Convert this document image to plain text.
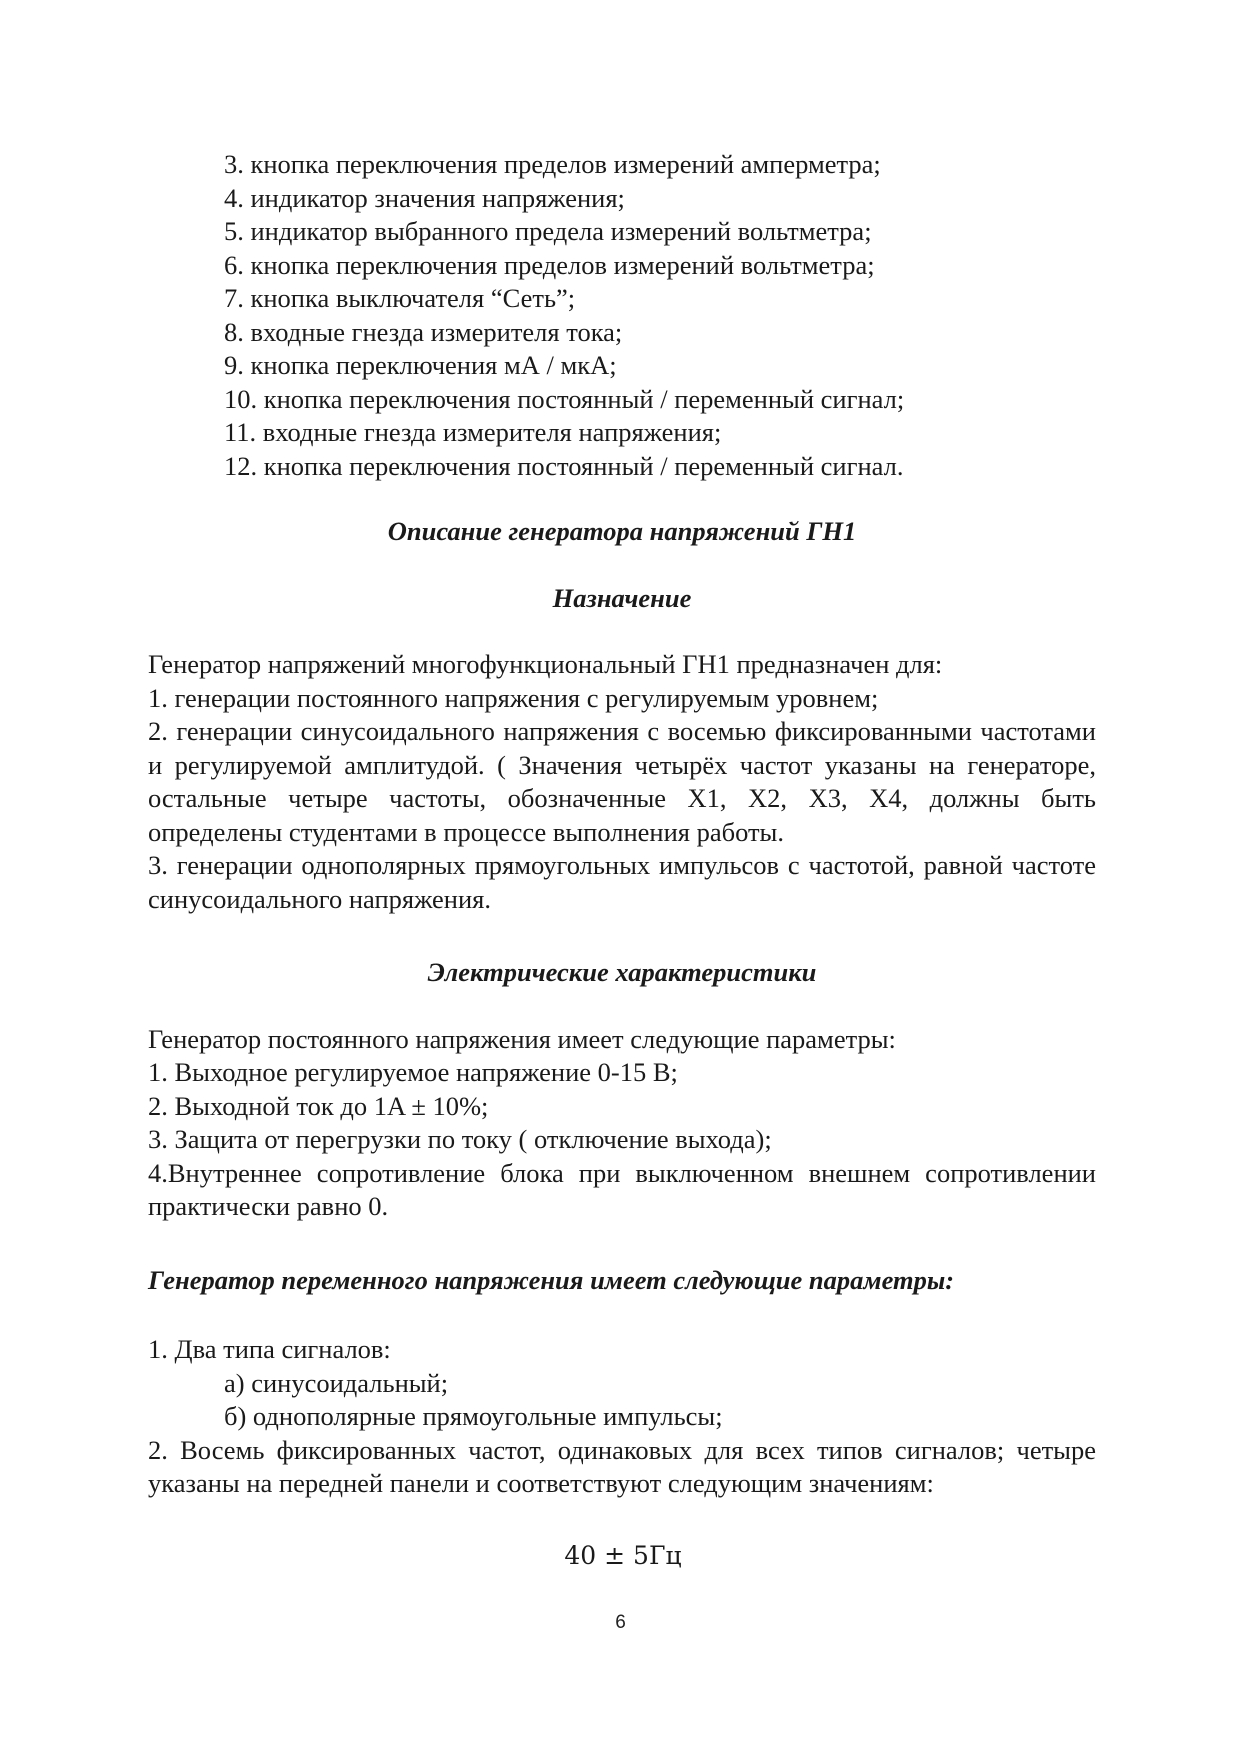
3. кнопка переключения пределов измерений амперметра;
4. индикатор значения напряжения;
5. индикатор выбранного предела измерений вольтметра;
6. кнопка переключения пределов измерений вольтметра;
7. кнопка выключателя “Сеть”;
8. входные гнезда измерителя тока;
9. кнопка переключения мА / мкА;
10. кнопка переключения постоянный / переменный сигнал;
11. входные гнезда измерителя напряжения;
12. кнопка переключения постоянный / переменный сигнал.

Описание генератора напряжений ГН1

Назначение

Генератор напряжений многофункциональный ГН1 предназначен для:

1. генерации постоянного напряжения с регулируемым уровнем;

2. генерации синусоидального напряжения с восемью фиксированными частотами и регулируемой амплитудой. ( Значения четырёх частот указаны на генераторе, остальные четыре частоты, обозначенные Х1, Х2, Х3, Х4, должны быть определены студентами в процессе выполнения работы.

3. генерации однополярных прямоугольных импульсов с частотой, равной частоте синусоидального напряжения.

Электрические характеристики

Генератор постоянного напряжения имеет следующие параметры:

1. Выходное регулируемое напряжение 0-15 В;

2. Выходной ток до 1A ± 10%;

3. Защита от перегрузки по току ( отключение выхода);

4.Внутреннее сопротивление блока при выключенном внешнем сопротивлении практически равно 0.

Генератор переменного напряжения имеет следующие параметры:

1. Два типа сигналов:

а) синусоидальный;

б) однополярные прямоугольные импульсы;

2. Восемь фиксированных частот, одинаковых для всех типов сигналов; четыре указаны на передней панели и соответствуют следующим значениям:

40 ± 5Гц

6
